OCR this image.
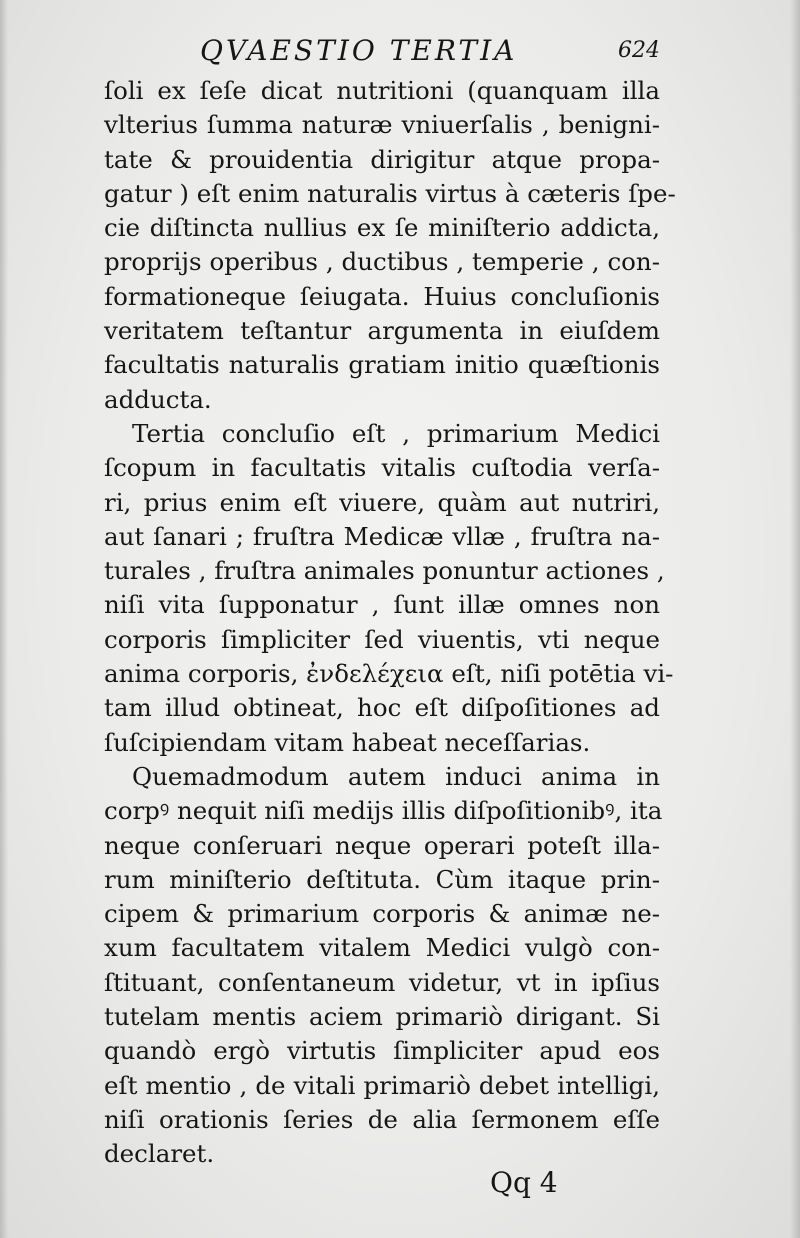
QVAESTIO TERTIA	624
ſoli ex ſeſe dicat nutritioni (quanquam illa
vlterius ſumma naturæ vniuerſalis , benigni-
tate & prouidentia dirigitur atque propa-
gatur ) eſt enim naturalis virtus à cæteris ſpe-
cie diſtincta nullius ex ſe miniſterio addicta,
proprijs operibus , ductibus , temperie , con-
formationeque ſeiugata. Huius concluſionis
veritatem teſtantur argumenta in eiuſdem
facultatis naturalis gratiam initio quæſtionis
adducta.
Tertia concluſio eſt , primarium Medici
ſcopum in facultatis vitalis cuſtodia verſa-
ri, prius enim eſt viuere, quàm aut nutriri,
aut ſanari ; fruſtra Medicæ vllæ , fruſtra na-
turales , fruſtra animales ponuntur actiones ,
niſi vita ſupponatur , ſunt illæ omnes non
corporis ſimpliciter ſed viuentis, vti neque
anima corporis, ἐνδελέχεια eſt, niſi potētia vi-
tam illud obtineat, hoc eſt diſpoſitiones ad
ſuſcipiendam vitam habeat neceſſarias.
Quemadmodum autem induci anima in
corpꝰ nequit niſi medijs illis diſpoſitionibꝰ, ita
neque conſeruari neque operari poteſt illa-
rum miniſterio deſtituta. Cùm itaque prin-
cipem & primarium corporis & animæ ne-
xum facultatem vitalem Medici vulgò con-
ſtituant, conſentaneum videtur, vt in ipſius
tutelam mentis aciem primariò dirigant. Si
quandò ergò virtutis ſimpliciter apud eos
eſt mentio , de vitali primariò debet intelligi,
niſi orationis ſeries de alia ſermonem eſſe
declaret.
Qq 4
